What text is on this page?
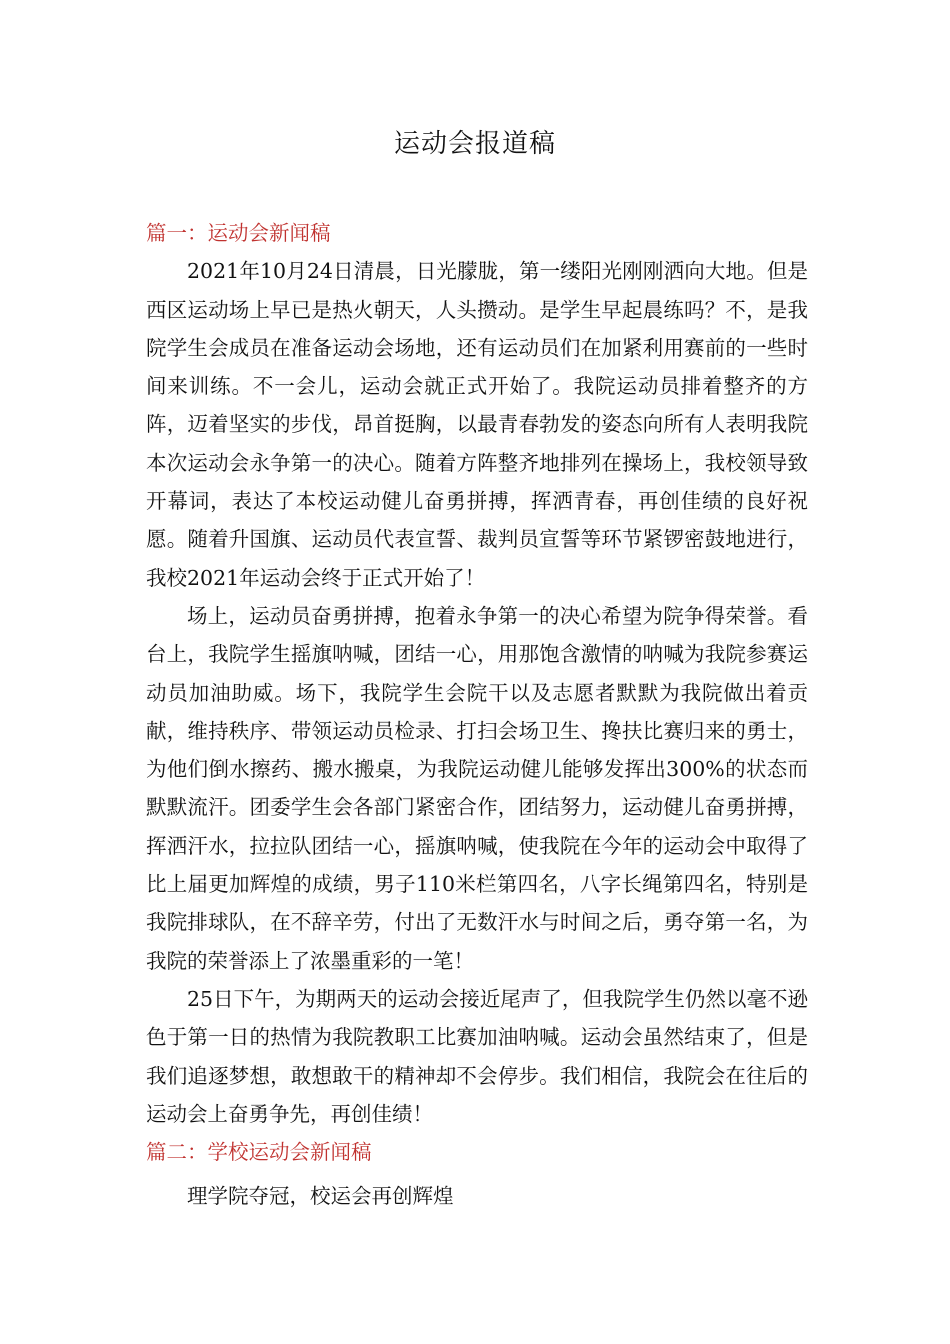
运动会报道稿

篇一：运动会新闻稿

2021年10月24日清晨，日光朦胧，第一缕阳光刚刚洒向大地。但是西区运动场上早已是热火朝天，人头攒动。是学生早起晨练吗？不，是我院学生会成员在准备运动会场地，还有运动员们在加紧利用赛前的一些时间来训练。不一会儿，运动会就正式开始了。我院运动员排着整齐的方阵，迈着坚实的步伐，昂首挺胸，以最青春勃发的姿态向所有人表明我院本次运动会永争第一的决心。随着方阵整齐地排列在操场上，我校领导致开幕词，表达了本校运动健儿奋勇拼搏，挥洒青春，再创佳绩的良好祝愿。随着升国旗、运动员代表宣誓、裁判员宣誓等环节紧锣密鼓地进行，我校2021年运动会终于正式开始了！

场上，运动员奋勇拼搏，抱着永争第一的决心希望为院争得荣誉。看台上，我院学生摇旗呐喊，团结一心，用那饱含激情的呐喊为我院参赛运动员加油助威。场下，我院学生会院干以及志愿者默默为我院做出着贡献，维持秩序、带领运动员检录、打扫会场卫生、搀扶比赛归来的勇士，为他们倒水擦药、搬水搬桌，为我院运动健儿能够发挥出300%的状态而默默流汗。团委学生会各部门紧密合作，团结努力，运动健儿奋勇拼搏，挥洒汗水，拉拉队团结一心，摇旗呐喊，使我院在今年的运动会中取得了比上届更加辉煌的成绩，男子110米栏第四名，八字长绳第四名，特别是我院排球队，在不辞辛劳，付出了无数汗水与时间之后，勇夺第一名，为我院的荣誉添上了浓墨重彩的一笔！

25日下午，为期两天的运动会接近尾声了，但我院学生仍然以毫不逊色于第一日的热情为我院教职工比赛加油呐喊。运动会虽然结束了，但是我们追逐梦想，敢想敢干的精神却不会停步。我们相信，我院会在往后的运动会上奋勇争先，再创佳绩！

篇二：学校运动会新闻稿

理学院夺冠，校运会再创辉煌
